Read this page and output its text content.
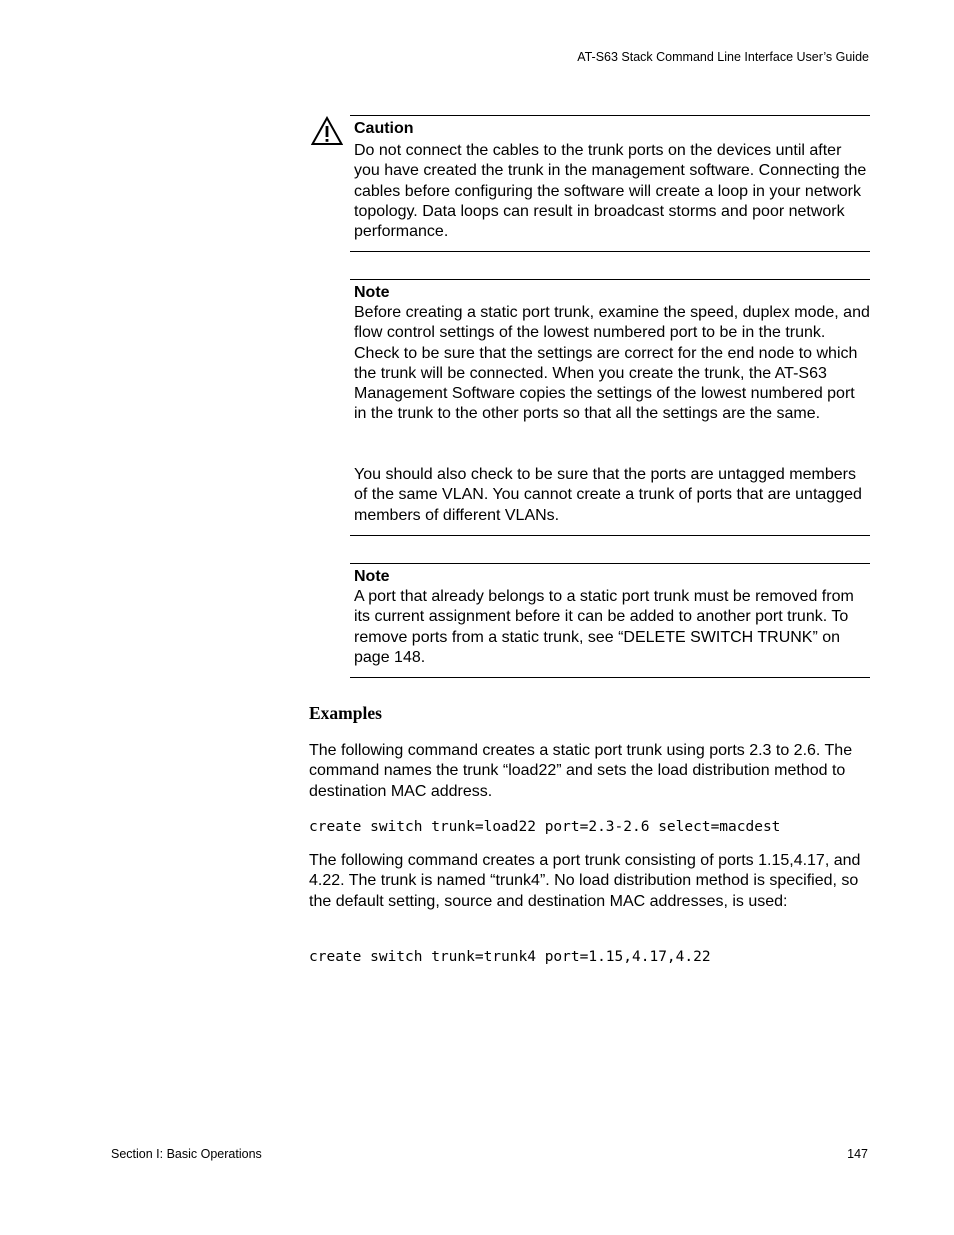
AT-S63 Stack Command Line Interface User’s Guide
Caution
Do not connect the cables to the trunk ports on the devices until after you have created the trunk in the management software. Connecting the cables before configuring the software will create a loop in your network topology. Data loops can result in broadcast storms and poor network performance.
Note
Before creating a static port trunk, examine the speed, duplex mode, and flow control settings of the lowest numbered port to be in the trunk. Check to be sure that the settings are correct for the end node to which the trunk will be connected. When you create the trunk, the AT-S63 Management Software copies the settings of the lowest numbered port in the trunk to the other ports so that all the settings are the same.
You should also check to be sure that the ports are untagged members of the same VLAN. You cannot create a trunk of ports that are untagged members of different VLANs.
Note
A port that already belongs to a static port trunk must be removed from its current assignment before it can be added to another port trunk. To remove ports from a static trunk, see “DELETE SWITCH TRUNK” on page 148.
Examples
The following command creates a static port trunk using ports 2.3 to 2.6. The command names the trunk “load22” and sets the load distribution method to destination MAC address.
create switch trunk=load22 port=2.3-2.6 select=macdest
The following command creates a port trunk consisting of ports 1.15,4.17, and 4.22. The trunk is named “trunk4”. No load distribution method is specified, so the default setting, source and destination MAC addresses, is used:
create switch trunk=trunk4 port=1.15,4.17,4.22
Section I: Basic Operations	147
